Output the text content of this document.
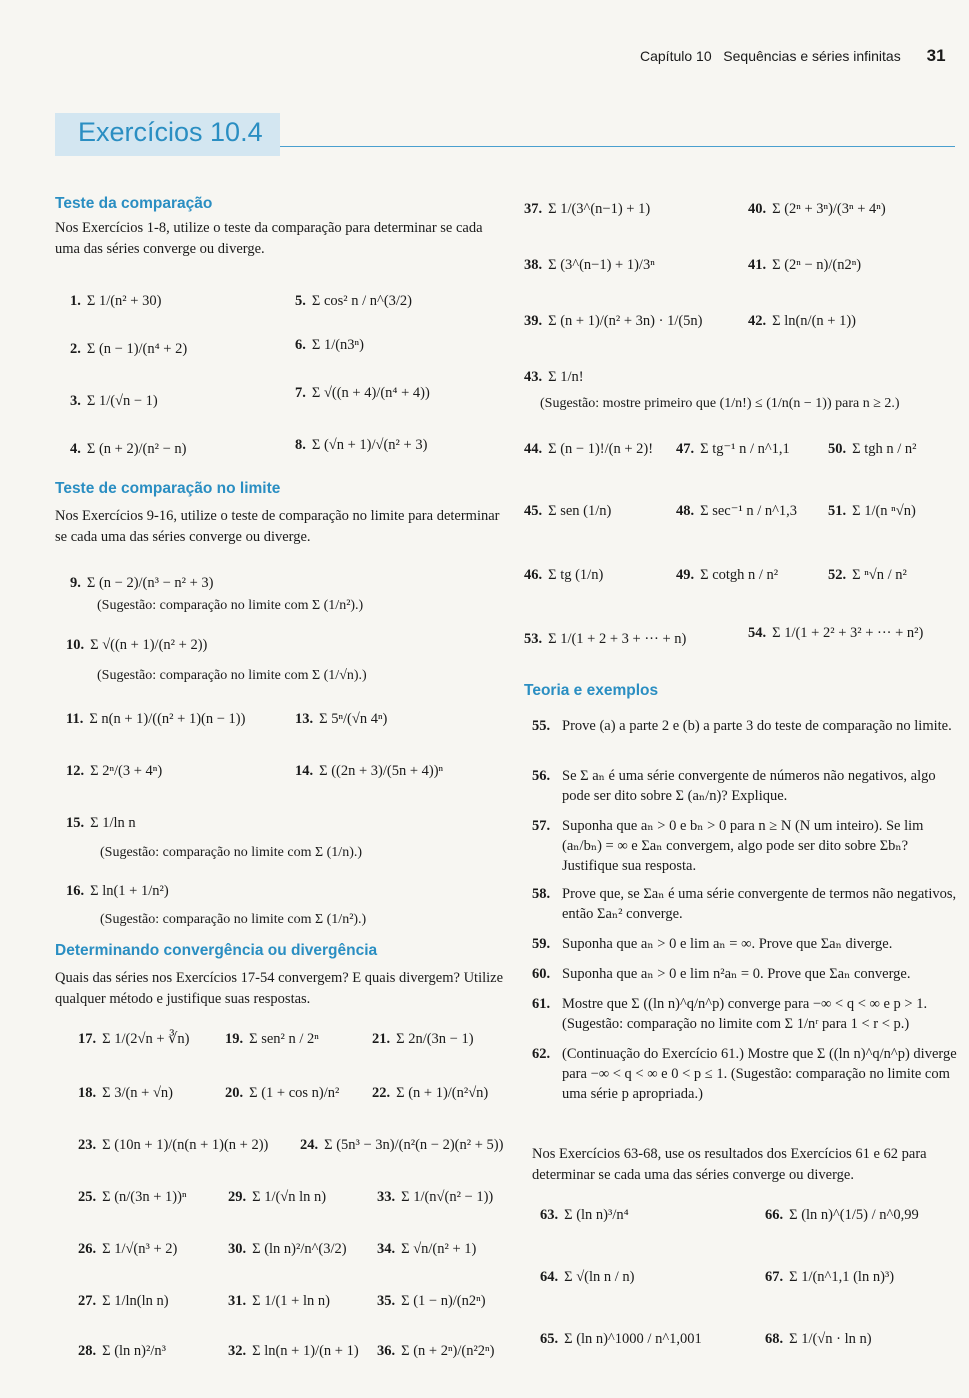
Capítulo 10 Sequências e séries infinitas 31
Exercícios 10.4
Teste da comparação
Nos Exercícios 1-8, utilize o teste da comparação para determinar se cada uma das séries converge ou diverge.
1. Σ 1/(n² + 30)	5. Σ cos² n / n^(3/2)
2. Σ (n − 1)/(n⁴ + 2)	6. Σ 1/(n3ⁿ)
3. Σ 1/(√n − 1)	7. Σ √((n + 4)/(n⁴ + 4))
4. Σ (n + 2)/(n² − n)	8. Σ (√n + 1)/√(n² + 3)
Teste de comparação no limite
Nos Exercícios 9-16, utilize o teste de comparação no limite para determinar se cada uma das séries converge ou diverge.
9. Σ (n − 2)/(n³ − n² + 3)
(Sugestão: comparação no limite com Σ (1/n²).)
10. Σ √((n + 1)/(n² + 2))
(Sugestão: comparação no limite com Σ (1/√n).)
11. Σ n(n + 1)/((n² + 1)(n − 1))	13. Σ 5ⁿ/(√n 4ⁿ)
12. Σ 2ⁿ/(3 + 4ⁿ)	14. Σ ((2n + 3)/(5n + 4))ⁿ
15. Σ 1/ln n
(Sugestão: comparação no limite com Σ (1/n).)
16. Σ ln(1 + 1/n²)
(Sugestão: comparação no limite com Σ (1/n²).)
Determinando convergência ou divergência
Quais das séries nos Exercícios 17-54 convergem? E quais divergem? Utilize qualquer método e justifique suas respostas.
17. Σ 1/(2√n + ∛n) 19. Σ sen² n / 2ⁿ	21. Σ 2n/(3n − 1)
18. Σ 3/(n + √n)	20. Σ (1 + cos n)/n² 22. Σ (n + 1)/(n²√n)
23. Σ (10n + 1)/(n(n + 1)(n + 2)) 24. Σ (5n³ − 3n)/(n²(n − 2)(n² + 5))
25. Σ (n/(3n + 1))ⁿ	29. Σ 1/(√n ln n)	33. Σ 1/(n√(n² − 1))
26. Σ 1/√(n³ + 2)	30. Σ (ln n)²/n^(3/2) 34. Σ √n/(n² + 1)
27. Σ 1/ln(ln n)	31. Σ 1/(1 + ln n)	35. Σ (1 − n)/(n2ⁿ)
28. Σ (ln n)²/n³	32. Σ ln(n + 1)/(n + 1) 36. Σ (n + 2ⁿ)/(n²2ⁿ)
37. Σ 1/(3^(n−1) + 1)	40. Σ (2ⁿ + 3ⁿ)/(3ⁿ + 4ⁿ)
38. Σ (3^(n−1) + 1)/3ⁿ	41. Σ (2ⁿ − n)/(n2ⁿ)
39. Σ (n + 1)/(n² + 3n) · 1/(5n)	42. Σ ln(n/(n + 1))
43. Σ 1/n!
(Sugestão: mostre primeiro que (1/n!) ≤ (1/n(n − 1)) para n ≥ 2.)
44. Σ (n − 1)!/(n + 2)! 47. Σ tg⁻¹ n / n^1,1	50. Σ tgh n / n²
45. Σ sen (1/n)	48. Σ sec⁻¹ n / n^1,3 51. Σ 1/(n ⁿ√n)
46. Σ tg (1/n)	49. Σ cotgh n / n²	52. Σ ⁿ√n / n²
53. Σ 1/(1 + 2 + 3 + ··· + n)	54. Σ 1/(1 + 2² + 3² + ··· + n²)
Teoria e exemplos
55. Prove (a) a parte 2 e (b) a parte 3 do teste de comparação no limite.
56. Se Σ aₙ é uma série convergente de números não negativos, algo pode ser dito sobre Σ (aₙ/n)? Explique.
57. Suponha que aₙ > 0 e bₙ > 0 para n ≥ N (N um inteiro). Se lim (aₙ/bₙ) = ∞ e Σaₙ convergem, algo pode ser dito sobre Σbₙ? Justifique sua resposta.
58. Prove que, se Σaₙ é uma série convergente de termos não negativos, então Σaₙ² converge.
59. Suponha que aₙ > 0 e lim aₙ = ∞. Prove que Σaₙ diverge.
60. Suponha que aₙ > 0 e lim n²aₙ = 0. Prove que Σaₙ converge.
61. Mostre que Σ ((ln n)^q/n^p) converge para −∞ < q < ∞ e p > 1. (Sugestão: comparação no limite com Σ 1/nʳ para 1 < r < p.)
62. (Continuação do Exercício 61.) Mostre que Σ ((ln n)^q/n^p) diverge para −∞ < q < ∞ e 0 < p ≤ 1. (Sugestão: comparação no limite com uma série p apropriada.)
Nos Exercícios 63-68, use os resultados dos Exercícios 61 e 62 para determinar se cada uma das séries converge ou diverge.
63. Σ (ln n)³/n⁴	66. Σ (ln n)^(1/5) / n^0,99
64. Σ √(ln n / n)	67. Σ 1/(n^1,1 (ln n)³)
65. Σ (ln n)^1000 / n^1,001	68. Σ 1/(√n · ln n)
